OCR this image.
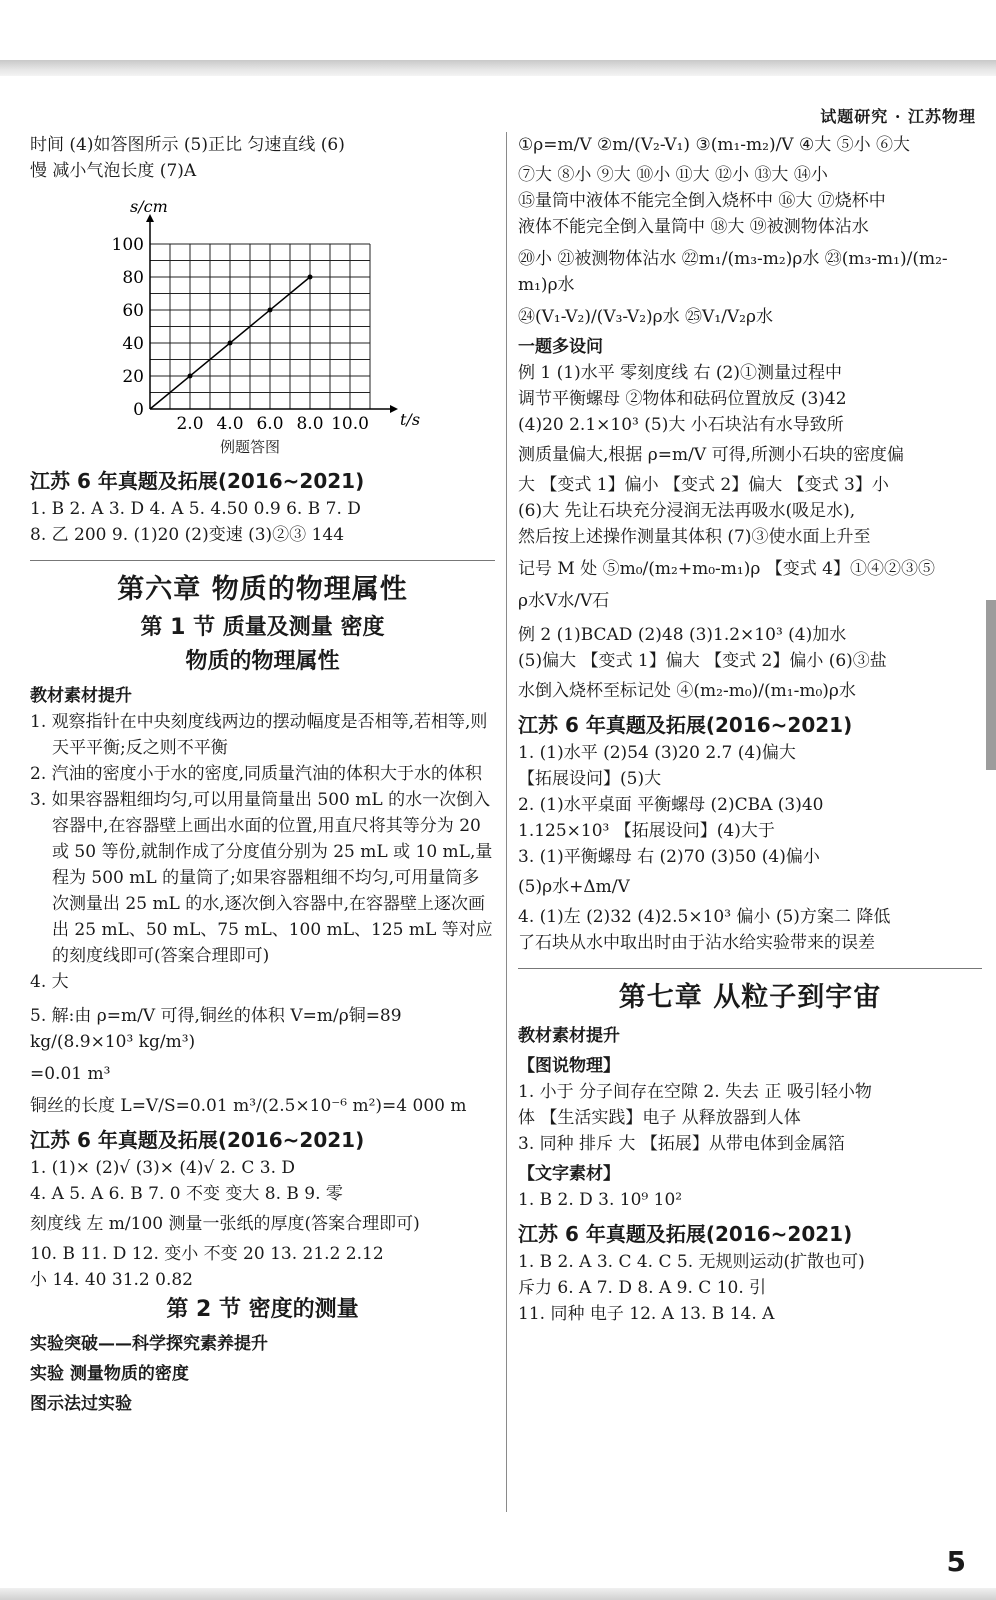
试题研究 · 江苏物理

时间 (4)如答图所示 (5)正比 匀速直线 (6)

慢 减小气泡长度 (7)A

2.0 4.0 6.0 8.0 10.0
0
20
40
60
80
100
t/s
s/cm

例题答图

江苏 6 年真题及拓展(2016~2021)

1. B 2. A 3. D 4. A 5. 4.50 0.9 6. B 7. D

8. 乙 200 9. (1)20 (2)变速 (3)②③ 144

第六章 物质的物理属性

第 1 节 质量及测量 密度

物质的物理属性

教材素材提升

1. 观察指针在中央刻度线两边的摆动幅度是否相等,若相等,则天平平衡;反之则不平衡

2. 汽油的密度小于水的密度,同质量汽油的体积大于水的体积

3. 如果容器粗细均匀,可以用量筒量出 500 mL 的水一次倒入容器中,在容器壁上画出水面的位置,用直尺将其等分为 20 或 50 等份,就制作成了分度值分别为 25 mL 或 10 mL,量程为 500 mL 的量筒了;如果容器粗细不均匀,可用量筒多次测量出 25 mL 的水,逐次倒入容器中,在容器壁上逐次画出 25 mL、50 mL、75 mL、100 mL、125 mL 等对应的刻度线即可(答案合理即可)

4. 大

5. 解:由 ρ=m/V 可得,铜丝的体积 V=m/ρ铜=89 kg/(8.9×10³ kg/m³)

=0.01 m³

铜丝的长度 L=V/S=0.01 m³/(2.5×10⁻⁶ m²)=4 000 m

江苏 6 年真题及拓展(2016~2021)

1. (1)× (2)√ (3)× (4)√ 2. C 3. D

4. A 5. A 6. B 7. 0 不变 变大 8. B 9. 零

刻度线 左 m/100 测量一张纸的厚度(答案合理即可)

10. B 11. D 12. 变小 不变 20 13. 21.2 2.12

小 14. 40 31.2 0.82

第 2 节 密度的测量

实验突破——科学探究素养提升

实验 测量物质的密度

图示法过实验

①ρ=m/V ②m/(V₂-V₁) ③(m₁-m₂)/V ④大 ⑤小 ⑥大

⑦大 ⑧小 ⑨大 ⑩小 ⑪大 ⑫小 ⑬大 ⑭小

⑮量筒中液体不能完全倒入烧杯中 ⑯大 ⑰烧杯中

液体不能完全倒入量筒中 ⑱大 ⑲被测物体沾水

⑳小 ㉑被测物体沾水 ㉒m₁/(m₃-m₂)ρ水 ㉓(m₃-m₁)/(m₂-m₁)ρ水

㉔(V₁-V₂)/(V₃-V₂)ρ水 ㉕V₁/V₂ρ水

一题多设问

例 1 (1)水平 零刻度线 右 (2)①测量过程中

调节平衡螺母 ②物体和砝码位置放反 (3)42

(4)20 2.1×10³ (5)大 小石块沾有水导致所

测质量偏大,根据 ρ=m/V 可得,所测小石块的密度偏

大 【变式 1】偏小 【变式 2】偏大 【变式 3】小

(6)大 先让石块充分浸润无法再吸水(吸足水),

然后按上述操作测量其体积 (7)③使水面上升至

记号 M 处 ⑤m₀/(m₂+m₀-m₁)ρ 【变式 4】①④②③⑤

ρ水V水/V石

例 2 (1)BCAD (2)48 (3)1.2×10³ (4)加水

(5)偏大 【变式 1】偏大 【变式 2】偏小 (6)③盐

水倒入烧杯至标记处 ④(m₂-m₀)/(m₁-m₀)ρ水

江苏 6 年真题及拓展(2016~2021)

1. (1)水平 (2)54 (3)20 2.7 (4)偏大

【拓展设问】(5)大

2. (1)水平桌面 平衡螺母 (2)CBA (3)40

1.125×10³ 【拓展设问】(4)大于

3. (1)平衡螺母 右 (2)70 (3)50 (4)偏小

(5)ρ水+Δm/V

4. (1)左 (2)32 (4)2.5×10³ 偏小 (5)方案二 降低

了石块从水中取出时由于沾水给实验带来的误差

第七章 从粒子到宇宙

教材素材提升

【图说物理】

1. 小于 分子间存在空隙 2. 失去 正 吸引轻小物

体 【生活实践】电子 从释放器到人体

3. 同种 排斥 大 【拓展】从带电体到金属箔

【文字素材】

1. B 2. D 3. 10⁹ 10²

江苏 6 年真题及拓展(2016~2021)

1. B 2. A 3. C 4. C 5. 无规则运动(扩散也可)

斥力 6. A 7. D 8. A 9. C 10. 引

11. 同种 电子 12. A 13. B 14. A

5
